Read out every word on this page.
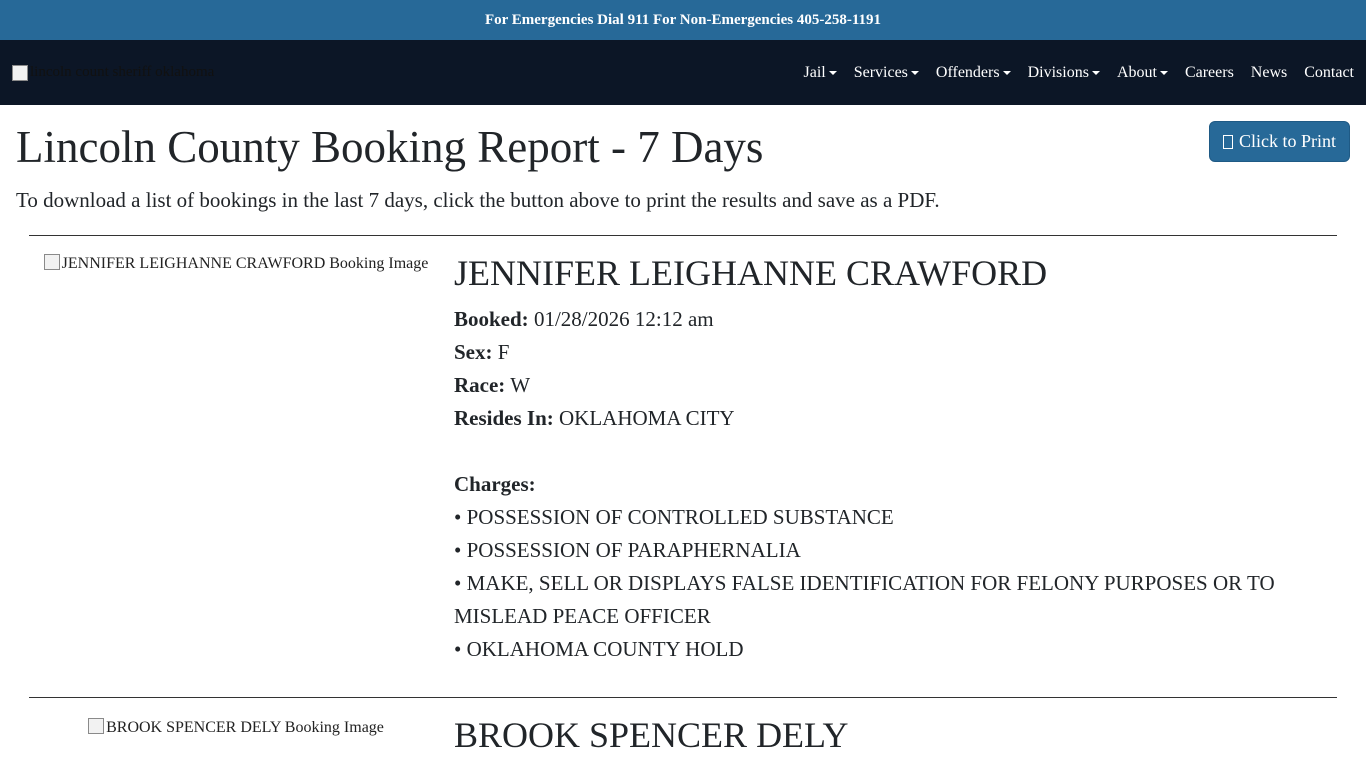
For Emergencies Dial 911 For Non-Emergencies 405-258-1191
lincoln count sheriff oklahoma	Jail Services Offenders Divisions About Careers News Contact
Lincoln County Booking Report - 7 Days

To download a list of bookings in the last 7 days, click the button above to print the results and save as a PDF.

Click to Print
JENNIFER LEIGHANNE CRAWFORD Booking Image JENNIFER LEIGHANNE CRAWFORD
Booked: 01/28/2026 12:12 am
Sex: F
Race: W
Resides In: OKLAHOMA CITY
Charges:
• POSSESSION OF CONTROLLED SUBSTANCE
• POSSESSION OF PARAPHERNALIA
• MAKE, SELL OR DISPLAYS FALSE IDENTIFICATION FOR FELONY PURPOSES OR TO MISLEAD PEACE OFFICER
• OKLAHOMA COUNTY HOLD
BROOK SPENCER DELY Booking Image	BROOK SPENCER DELY
